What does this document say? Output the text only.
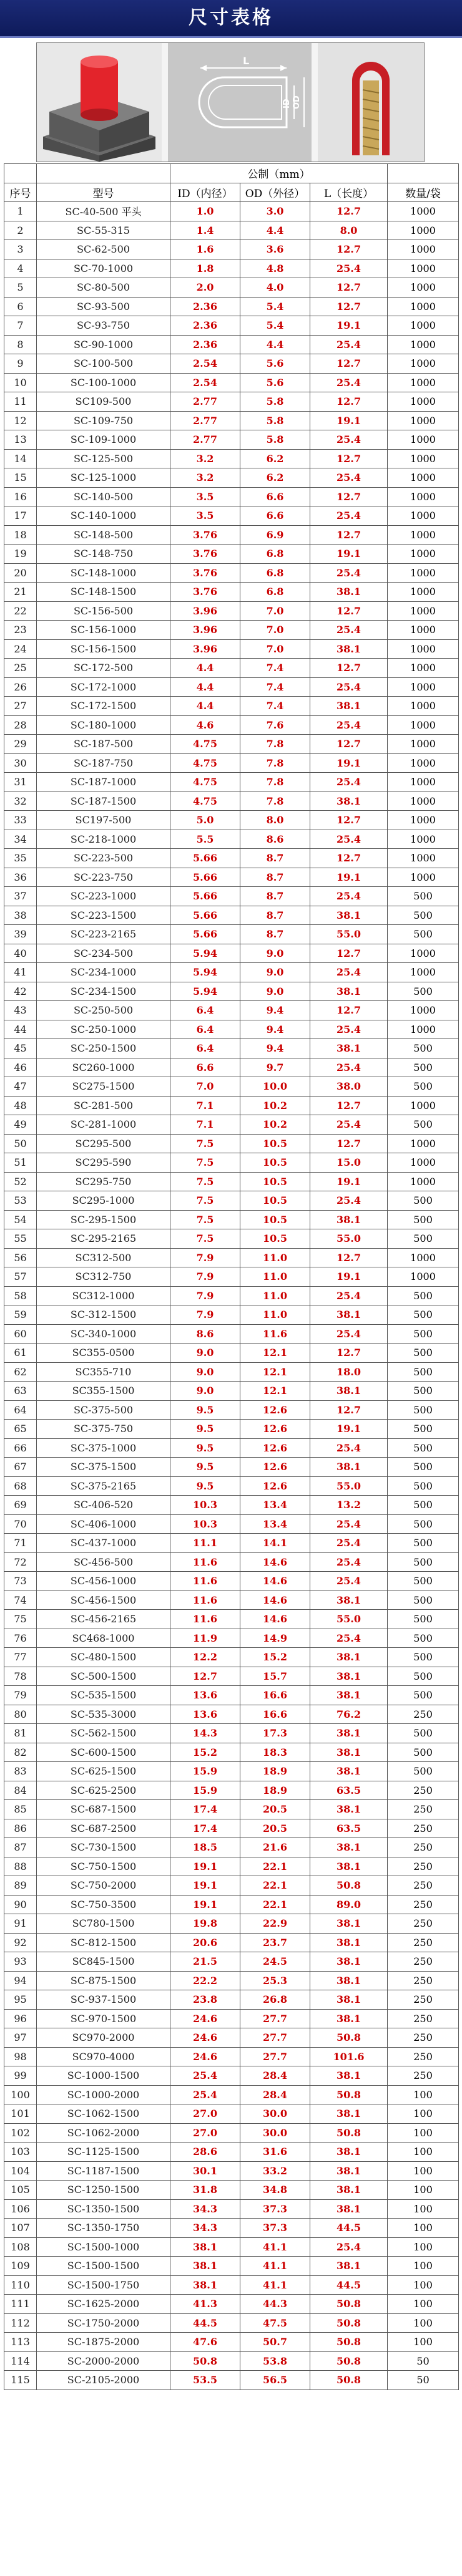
尺寸表格
L
ID OD
		公制（mm）			
序号	型号	ID（内径）	OD（外径）	L（长度）	数量/袋
1	SC-40-500 平头	1.0	3.0	12.7	1000
2	SC-55-315	1.4	4.4	8.0	1000
3	SC-62-500	1.6	3.6	12.7	1000
4	SC-70-1000	1.8	4.8	25.4	1000
5	SC-80-500	2.0	4.0	12.7	1000
6	SC-93-500	2.36	5.4	12.7	1000
7	SC-93-750	2.36	5.4	19.1	1000
8	SC-90-1000	2.36	4.4	25.4	1000
9	SC-100-500	2.54	5.6	12.7	1000
10	SC-100-1000	2.54	5.6	25.4	1000
11	SC109-500	2.77	5.8	12.7	1000
12	SC-109-750	2.77	5.8	19.1	1000
13	SC-109-1000	2.77	5.8	25.4	1000
14	SC-125-500	3.2	6.2	12.7	1000
15	SC-125-1000	3.2	6.2	25.4	1000
16	SC-140-500	3.5	6.6	12.7	1000
17	SC-140-1000	3.5	6.6	25.4	1000
18	SC-148-500	3.76	6.9	12.7	1000
19	SC-148-750	3.76	6.8	19.1	1000
20	SC-148-1000	3.76	6.8	25.4	1000
21	SC-148-1500	3.76	6.8	38.1	1000
22	SC-156-500	3.96	7.0	12.7	1000
23	SC-156-1000	3.96	7.0	25.4	1000
24	SC-156-1500	3.96	7.0	38.1	1000
25	SC-172-500	4.4	7.4	12.7	1000
26	SC-172-1000	4.4	7.4	25.4	1000
27	SC-172-1500	4.4	7.4	38.1	1000
28	SC-180-1000	4.6	7.6	25.4	1000
29	SC-187-500	4.75	7.8	12.7	1000
30	SC-187-750	4.75	7.8	19.1	1000
31	SC-187-1000	4.75	7.8	25.4	1000
32	SC-187-1500	4.75	7.8	38.1	1000
33	SC197-500	5.0	8.0	12.7	1000
34	SC-218-1000	5.5	8.6	25.4	1000
35	SC-223-500	5.66	8.7	12.7	1000
36	SC-223-750	5.66	8.7	19.1	1000
37	SC-223-1000	5.66	8.7	25.4	500
38	SC-223-1500	5.66	8.7	38.1	500
39	SC-223-2165	5.66	8.7	55.0	500
40	SC-234-500	5.94	9.0	12.7	1000
41	SC-234-1000	5.94	9.0	25.4	1000
42	SC-234-1500	5.94	9.0	38.1	500
43	SC-250-500	6.4	9.4	12.7	1000
44	SC-250-1000	6.4	9.4	25.4	1000
45	SC-250-1500	6.4	9.4	38.1	500
46	SC260-1000	6.6	9.7	25.4	500
47	SC275-1500	7.0	10.0	38.0	500
48	SC-281-500	7.1	10.2	12.7	1000
49	SC-281-1000	7.1	10.2	25.4	500
50	SC295-500	7.5	10.5	12.7	1000
51	SC295-590	7.5	10.5	15.0	1000
52	SC295-750	7.5	10.5	19.1	1000
53	SC295-1000	7.5	10.5	25.4	500
54	SC-295-1500	7.5	10.5	38.1	500
55	SC-295-2165	7.5	10.5	55.0	500
56	SC312-500	7.9	11.0	12.7	1000
57	SC312-750	7.9	11.0	19.1	1000
58	SC312-1000	7.9	11.0	25.4	500
59	SC-312-1500	7.9	11.0	38.1	500
60	SC-340-1000	8.6	11.6	25.4	500
61	SC355-0500	9.0	12.1	12.7	500
62	SC355-710	9.0	12.1	18.0	500
63	SC355-1500	9.0	12.1	38.1	500
64	SC-375-500	9.5	12.6	12.7	500
65	SC-375-750	9.5	12.6	19.1	500
66	SC-375-1000	9.5	12.6	25.4	500
67	SC-375-1500	9.5	12.6	38.1	500
68	SC-375-2165	9.5	12.6	55.0	500
69	SC-406-520	10.3	13.4	13.2	500
70	SC-406-1000	10.3	13.4	25.4	500
71	SC-437-1000	11.1	14.1	25.4	500
72	SC-456-500	11.6	14.6	25.4	500
73	SC-456-1000	11.6	14.6	25.4	500
74	SC-456-1500	11.6	14.6	38.1	500
75	SC-456-2165	11.6	14.6	55.0	500
76	SC468-1000	11.9	14.9	25.4	500
77	SC-480-1500	12.2	15.2	38.1	500
78	SC-500-1500	12.7	15.7	38.1	500
79	SC-535-1500	13.6	16.6	38.1	500
80	SC-535-3000	13.6	16.6	76.2	250
81	SC-562-1500	14.3	17.3	38.1	500
82	SC-600-1500	15.2	18.3	38.1	500
83	SC-625-1500	15.9	18.9	38.1	500
84	SC-625-2500	15.9	18.9	63.5	250
85	SC-687-1500	17.4	20.5	38.1	250
86	SC-687-2500	17.4	20.5	63.5	250
87	SC-730-1500	18.5	21.6	38.1	250
88	SC-750-1500	19.1	22.1	38.1	250
89	SC-750-2000	19.1	22.1	50.8	250
90	SC-750-3500	19.1	22.1	89.0	250
91	SC780-1500	19.8	22.9	38.1	250
92	SC-812-1500	20.6	23.7	38.1	250
93	SC845-1500	21.5	24.5	38.1	250
94	SC-875-1500	22.2	25.3	38.1	250
95	SC-937-1500	23.8	26.8	38.1	250
96	SC-970-1500	24.6	27.7	38.1	250
97	SC970-2000	24.6	27.7	50.8	250
98	SC970-4000	24.6	27.7	101.6	250
99	SC-1000-1500	25.4	28.4	38.1	250
100	SC-1000-2000	25.4	28.4	50.8	100
101	SC-1062-1500	27.0	30.0	38.1	100
102	SC-1062-2000	27.0	30.0	50.8	100
103	SC-1125-1500	28.6	31.6	38.1	100
104	SC-1187-1500	30.1	33.2	38.1	100
105	SC-1250-1500	31.8	34.8	38.1	100
106	SC-1350-1500	34.3	37.3	38.1	100
107	SC-1350-1750	34.3	37.3	44.5	100
108	SC-1500-1000	38.1	41.1	25.4	100
109	SC-1500-1500	38.1	41.1	38.1	100
110	SC-1500-1750	38.1	41.1	44.5	100
111	SC-1625-2000	41.3	44.3	50.8	100
112	SC-1750-2000	44.5	47.5	50.8	100
113	SC-1875-2000	47.6	50.7	50.8	100
114	SC-2000-2000	50.8	53.8	50.8	50
115	SC-2105-2000	53.5	56.5	50.8	50
